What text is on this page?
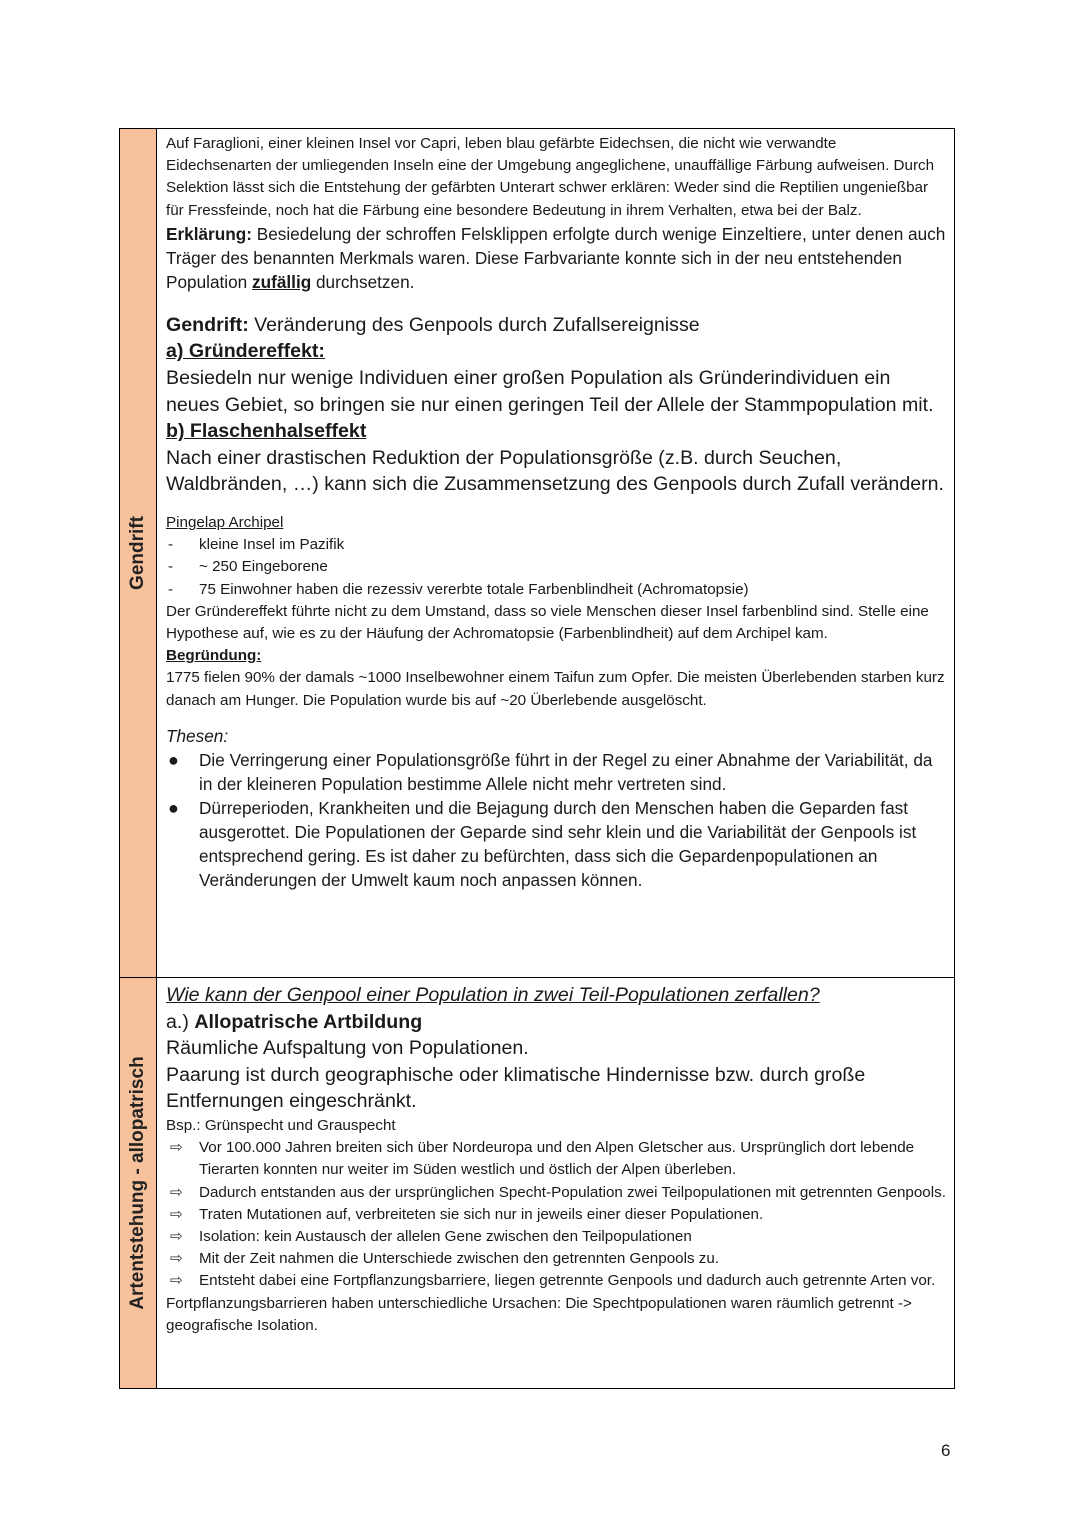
Gendrift

Auf Faraglioni, einer kleinen Insel vor Capri, leben blau gefärbte Eidechsen, die nicht wie verwandte Eidechsenarten der umliegenden Inseln eine der Umgebung angeglichene, unauffällige Färbung aufweisen. Durch Selektion lässt sich die Entstehung der gefärbten Unterart schwer erklären: Weder sind die Reptilien ungenießbar für Fressfeinde, noch hat die Färbung eine besondere Bedeutung in ihrem Verhalten, etwa bei der Balz.

Erklärung: Besiedelung der schroffen Felsklippen erfolgte durch wenige Einzeltiere, unter denen auch Träger des benannten Merkmals waren. Diese Farbvariante konnte sich in der neu entstehenden Population zufällig durchsetzen.

Gendrift: Veränderung des Genpools durch Zufallsereignisse

a) Gründereffekt:

Besiedeln nur wenige Individuen einer großen Population als Gründerindividuen ein neues Gebiet, so bringen sie nur einen geringen Teil der Allele der Stammpopulation mit.

b) Flaschenhalseffekt

Nach einer drastischen Reduktion der Populationsgröße (z.B. durch Seuchen, Waldbränden, …) kann sich die Zusammensetzung des Genpools durch Zufall verändern.

Pingelap Archipel

- kleine Insel im Pazifik
- ~ 250 Eingeborene
- 75 Einwohner haben die rezessiv vererbte totale Farbenblindheit (Achromatopsie)

Der Gründereffekt führte nicht zu dem Umstand, dass so viele Menschen dieser Insel farbenblind sind. Stelle eine Hypothese auf, wie es zu der Häufung der Achromatopsie (Farbenblindheit) auf dem Archipel kam.

Begründung:

1775 fielen 90% der damals ~1000 Inselbewohner einem Taifun zum Opfer. Die meisten Überlebenden starben kurz danach am Hunger. Die Population wurde bis auf ~20 Überlebende ausgelöscht.

Thesen:

● Die Verringerung einer Populationsgröße führt in der Regel zu einer Abnahme der Variabilität, da in der kleineren Population bestimme Allele nicht mehr vertreten sind.
● Dürreperioden, Krankheiten und die Bejagung durch den Menschen haben die Geparden fast ausgerottet. Die Populationen der Geparde sind sehr klein und die Variabilität der Genpools ist entsprechend gering. Es ist daher zu befürchten, dass sich die Gepardenpopulationen an Veränderungen der Umwelt kaum noch anpassen können.
Artentstehung - allopatrisch

Wie kann der Genpool einer Population in zwei Teil-Populationen zerfallen?

a.) Allopatrische Artbildung

Räumliche Aufspaltung von Populationen.

Paarung ist durch geographische oder klimatische Hindernisse bzw. durch große Entfernungen eingeschränkt.

Bsp.: Grünspecht und Grauspecht

⇨ Vor 100.000 Jahren breiten sich über Nordeuropa und den Alpen Gletscher aus. Ursprünglich dort lebende Tierarten konnten nur weiter im Süden westlich und östlich der Alpen überleben.
⇨ Dadurch entstanden aus der ursprünglichen Specht-Population zwei Teilpopulationen mit getrennten Genpools.
⇨ Traten Mutationen auf, verbreiteten sie sich nur in jeweils einer dieser Populationen.
⇨ Isolation: kein Austausch der allelen Gene zwischen den Teilpopulationen
⇨ Mit der Zeit nahmen die Unterschiede zwischen den getrennten Genpools zu.
⇨ Entsteht dabei eine Fortpflanzungsbarriere, liegen getrennte Genpools und dadurch auch getrennte Arten vor.

Fortpflanzungsbarrieren haben unterschiedliche Ursachen: Die Spechtpopulationen waren räumlich getrennt -> geografische Isolation.

6
